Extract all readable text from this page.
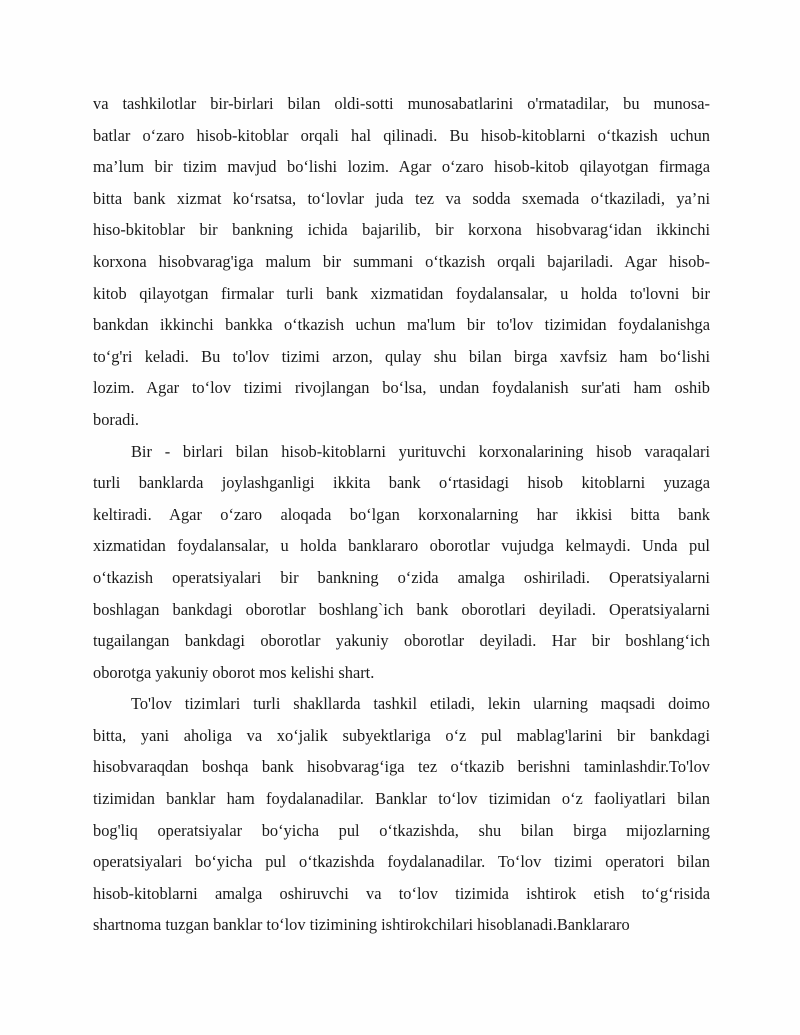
va tashkilotlar bir-birlari bilan oldi-sotti munosabatlarini o'rmatadilar, bu munosa-
batlar o‘zaro hisob-kitoblar orqali hal qilinadi. Bu hisob-kitoblarni o‘tkazish uchun
ma’lum bir tizim mavjud bo‘lishi lozim. Agar o‘zaro hisob-kitob qilayotgan firmaga
bitta bank xizmat ko‘rsatsa, to‘lovlar juda tez va sodda sxemada o‘tkaziladi, ya’ni
hiso-bkitoblar bir bankning ichida bajarilib, bir korxona hisobvarag‘idan ikkinchi
korxona hisobvarag'iga malum bir summani o‘tkazish orqali bajariladi. Agar hisob-
kitob qilayotgan firmalar turli bank xizmatidan foydalansalar, u holda to'lovni bir
bankdan ikkinchi bankka o‘tkazish uchun ma'lum bir to'lov tizimidan foydalanishga
to‘g'ri keladi. Bu to'lov tizimi arzon, qulay shu bilan birga xavfsiz ham bo‘lishi
lozim. Agar to‘lov tizimi rivojlangan bo‘lsa, undan foydalanish sur'ati ham oshib
boradi.
Bir - birlari bilan hisob-kitoblarni yurituvchi korxonalarining hisob varaqalari
turli banklarda joylashganligi ikkita bank o‘rtasidagi hisob kitoblarni yuzaga
keltiradi. Agar o‘zaro aloqada bo‘lgan korxonalarning har ikkisi bitta bank
xizmatidan foydalansalar, u holda banklararo oborotlar vujudga kelmaydi. Unda pul
o‘tkazish operatsiyalari bir bankning o‘zida amalga oshiriladi. Operatsiyalarni
boshlagan bankdagi oborotlar boshlang`ich bank oborotlari deyiladi. Operatsiyalarni
tugailangan bankdagi oborotlar yakuniy oborotlar deyiladi. Har bir boshlang‘ich
oborotga yakuniy oborot mos kelishi shart.
To'lov tizimlari turli shakllarda tashkil etiladi, lekin ularning maqsadi doimo
bitta, yani aholiga va xo‘jalik subyektlariga o‘z pul mablag'larini bir bankdagi
hisobvaraqdan boshqa bank hisobvarag‘iga tez o‘tkazib berishni taminlashdir.To'lov
tizimidan banklar ham foydalanadilar. Banklar to‘lov tizimidan o‘z faoliyatlari bilan
bog'liq operatsiyalar bo‘yicha pul o‘tkazishda, shu bilan birga mijozlarning
operatsiyalari bo‘yicha pul o‘tkazishda foydalanadilar. To‘lov tizimi operatori bilan
hisob-kitoblarni amalga oshiruvchi va to‘lov tizimida ishtirok etish to‘g‘risida
shartnoma tuzgan banklar to‘lov tizimining ishtirokchilari hisoblanadi.Banklararo
